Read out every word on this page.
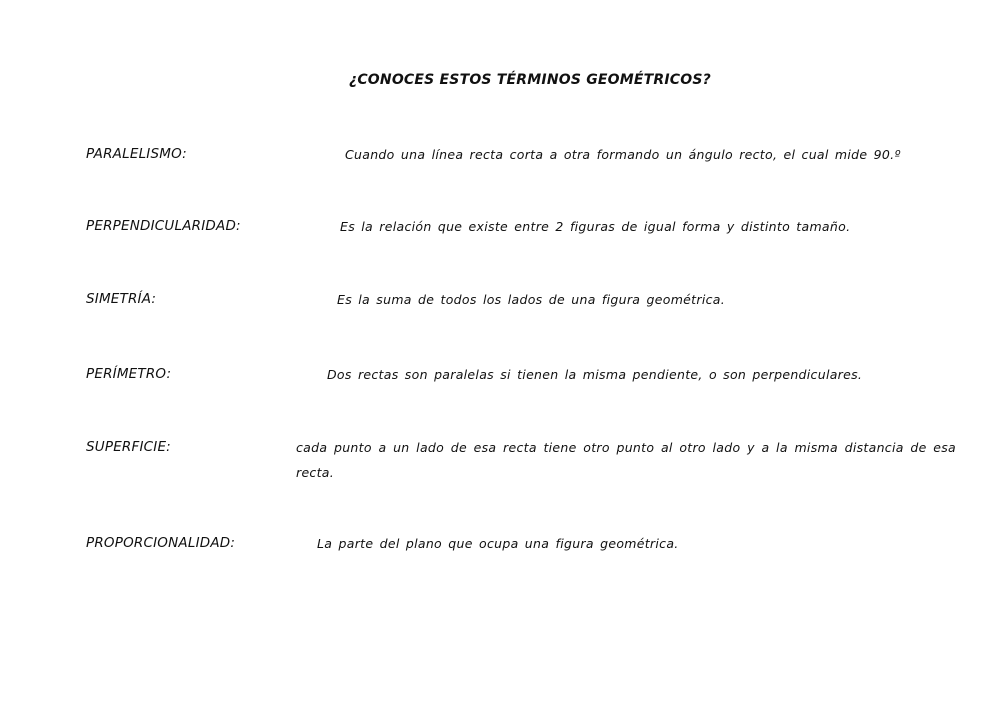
¿CONOCES ESTOS TÉRMINOS GEOMÉTRICOS?
PARALELISMO:	Cuando una línea recta corta a otra formando un ángulo recto, el cual mide 90.º
PERPENDICULARIDAD:	Es la relación que existe entre 2 figuras de igual forma y distinto tamaño.
SIMETRÍA:	Es la suma de todos los lados de una figura geométrica.
PERÍMETRO:	Dos rectas son paralelas si tienen la misma pendiente, o son perpendiculares.
SUPERFICIE:	cada punto a un lado de esa recta tiene otro punto al otro lado y a la misma distancia de esa recta.
PROPORCIONALIDAD:	La parte del plano que ocupa una figura geométrica.
